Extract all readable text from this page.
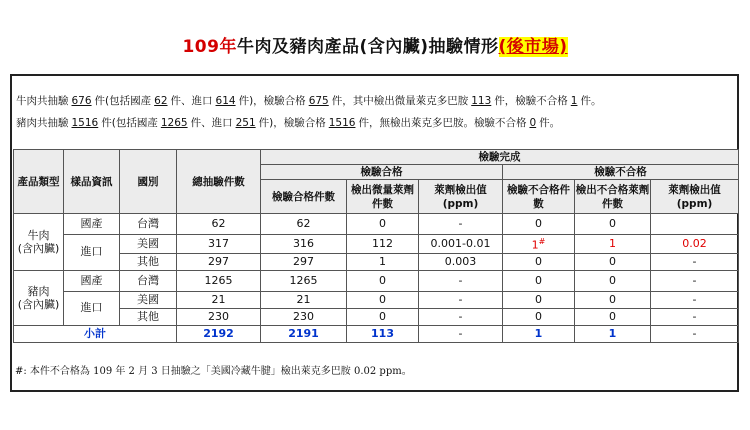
109年牛肉及豬肉產品(含內臟)抽驗情形(後市場)
牛肉共抽驗 676 件(包括國產 62 件、進口 614 件)，檢驗合格 675 件，其中檢出微量萊克多巴胺 113 件，檢驗不合格 1 件。
豬肉共抽驗 1516 件(包括國產 1265 件、進口 251 件)，檢驗合格 1516 件，無檢出萊克多巴胺。檢驗不合格 0 件。
產品類型	樣品資訊	國別	總抽驗件數	檢驗完成					
				檢驗合格			檢驗不合格		
				檢驗合格件數	檢出微量萊劑件數	萊劑檢出值(ppm)	檢驗不合格件數	檢出不合格萊劑件數	萊劑檢出值(ppm)
牛肉
(含內臟)	國產	台灣	62	62	0	-	0	0	
	進口	美國	317	316	112	0.001-0.01	1#	1	0.02
		其他	297	297	1	0.003	0	0	-
豬肉
(含內臟)	國產	台灣	1265	1265	0	-	0	0	-
	進口	美國	21	21	0	-	0	0	-
		其他	230	230	0	-	0	0	-
小計			2192	2191	113	-	1	1	-
#: 本件不合格為 109 年 2 月 3 日抽驗之「美國冷藏牛腱」檢出萊克多巴胺 0.02 ppm。
